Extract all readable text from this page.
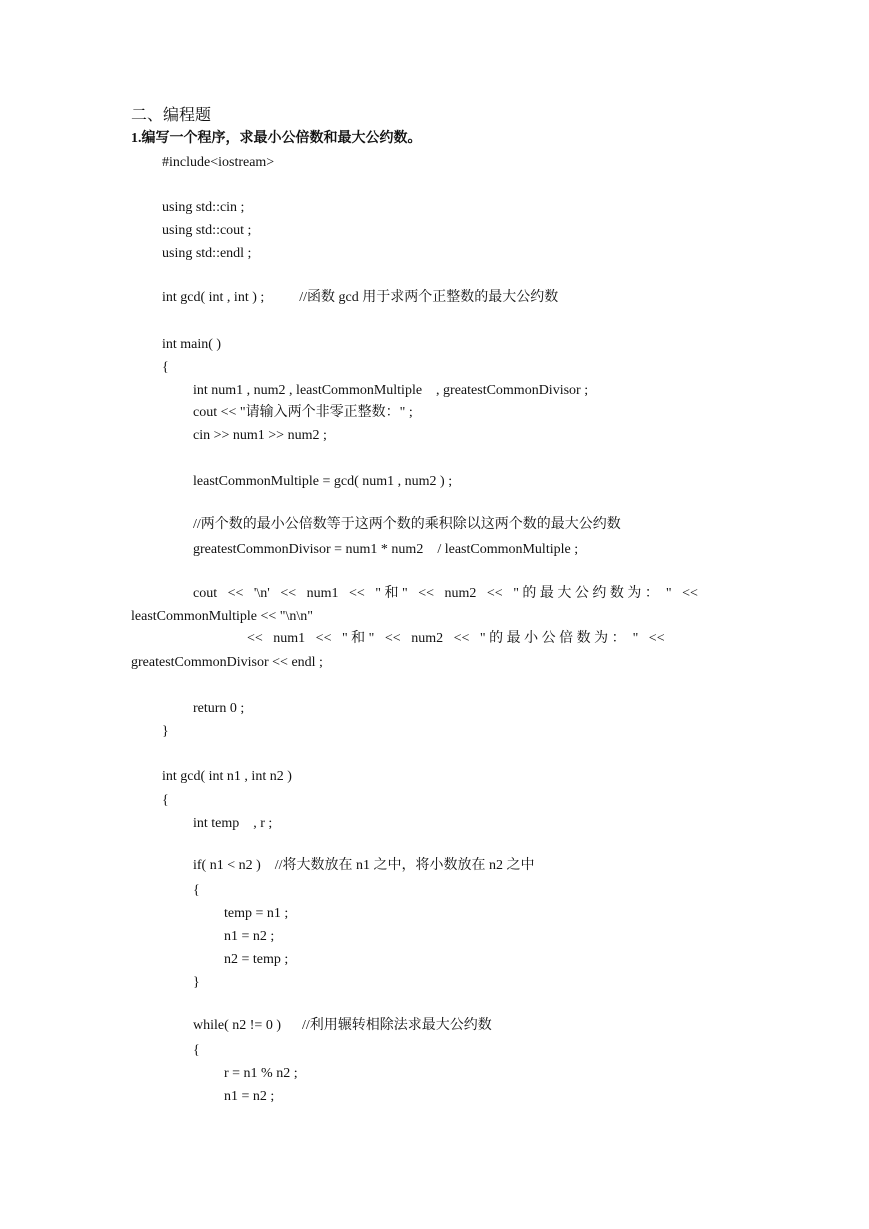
二、编程题
1.编写一个程序，求最小公倍数和最大公约数。
#include<iostream>
using std::cin ;
using std::cout ;
using std::endl ;
int gcd( int , int ) ;          //函数 gcd 用于求两个正整数的最大公约数
int main( )
{
int num1 , num2 , leastCommonMultiple    , greatestCommonDivisor ;
cout << "请输入两个非零正整数：" ;
cin >> num1 >> num2 ;
leastCommonMultiple = gcd( num1 , num2 ) ;
//两个数的最小公倍数等于这两个数的乘积除以这两个数的最大公约数
greatestCommonDivisor = num1 * num2    / leastCommonMultiple ;
cout   <<   '\n'   <<   num1   <<   " 和 "   <<   num2   <<   " 的 最 大 公 约 数 为 ：  "   <<
leastCommonMultiple << "\n\n"
<<   num1   <<   " 和 "   <<   num2   <<   " 的 最 小 公 倍 数 为 ：  "   <<
greatestCommonDivisor << endl ;
return 0 ;
}
int gcd( int n1 , int n2 )
{
int temp    , r ;
if( n1 < n2 )    //将大数放在 n1 之中，将小数放在 n2 之中
{
temp = n1 ;
n1 = n2 ;
n2 = temp ;
}
while( n2 != 0 )      //利用辗转相除法求最大公约数
{
r = n1 % n2 ;
n1 = n2 ;
